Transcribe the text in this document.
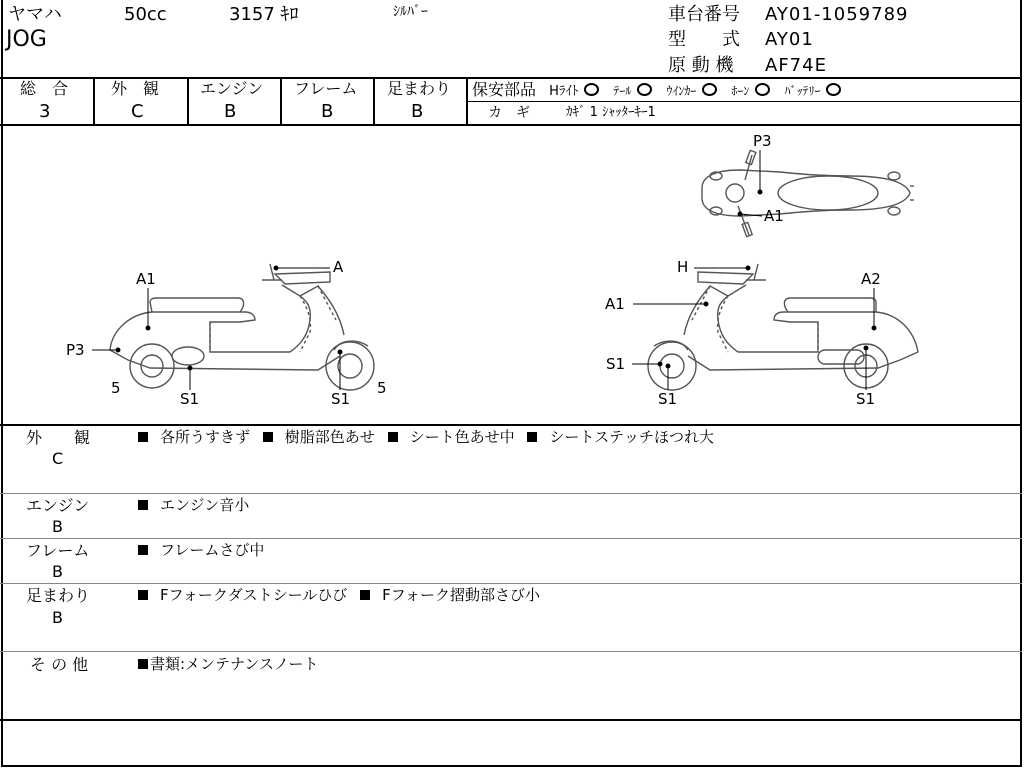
ヤマハ	50cc	3157 ｷﾛ	ｼﾙﾊﾞｰ
JOG
車台番号 AY01-1059789
型　　式 AY01
原 動 機 AF74E
総　合
3
外　観
C
エンジン
B
フレーム
B
足まわり
B
保安部品 Hﾗｲﾄ	ﾃｰﾙ	ｳｲﾝｶｰ	ﾎｰﾝ	ﾊﾞｯﾃﾘｰ
カ　ギ	ｶｷﾞ 1 ｼｬｯﾀｰｷｰ1
P3
A1
A
A1
P3
5
S1	S1
5
H
A1
A2
S1
S1	S1
外　　観
C
各所うすきず 樹脂部色あせ シート色あせ中 シートステッチほつれ大
エンジン
B
エンジン音小
フレーム
B
フレームさび中
足まわり
B
Fフォークダストシールひび Fフォーク摺動部さび小
そ の 他	書類:メンテナンスノート
